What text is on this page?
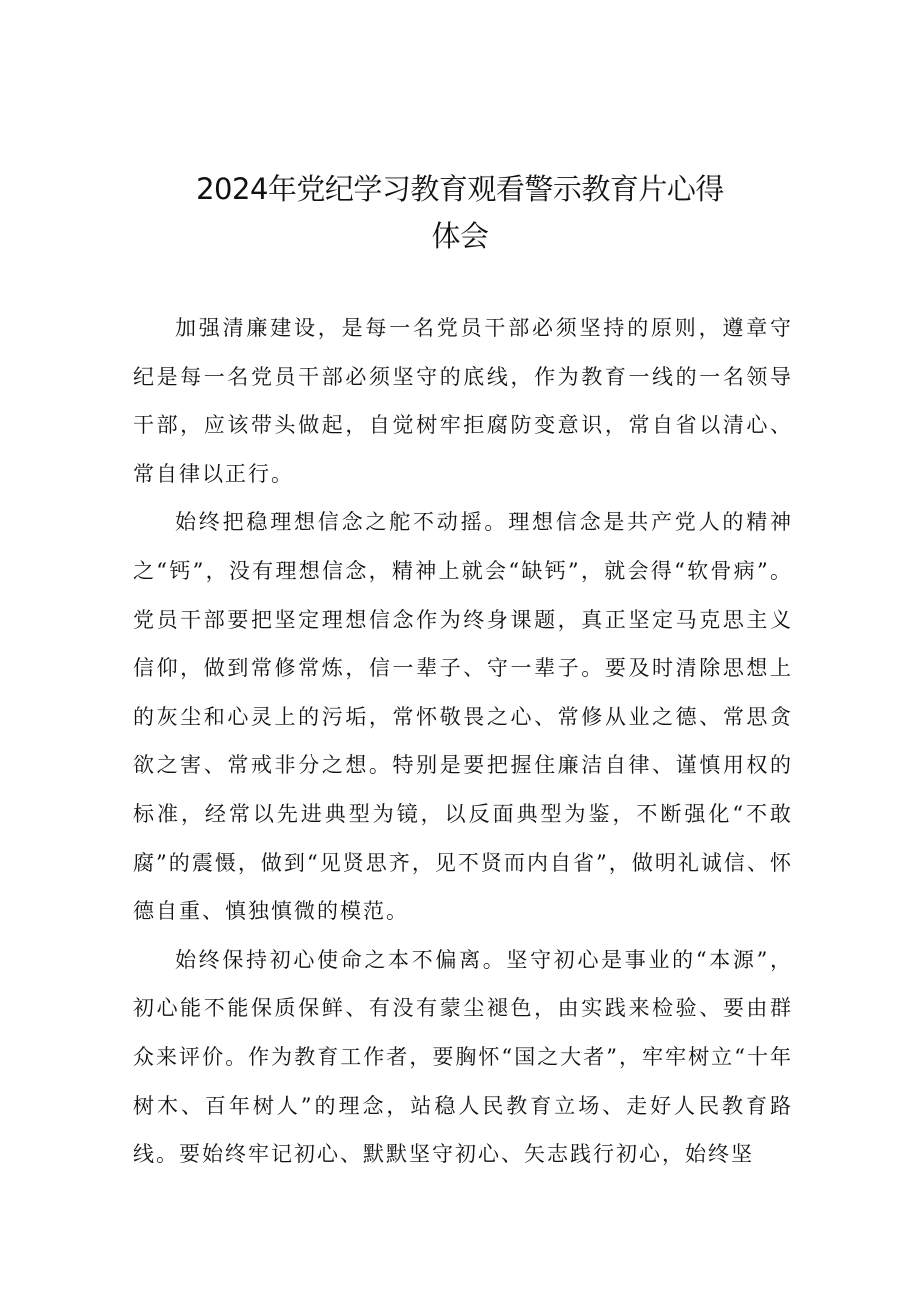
2024年党纪学习教育观看警示教育片心得
体会

加强清廉建设，是每一名党员干部必须坚持的原则，遵章守纪是每一名党员干部必须坚守的底线，作为教育一线的一名领导干部，应该带头做起，自觉树牢拒腐防变意识，常自省以清心、常自律以正行。

始终把稳理想信念之舵不动摇。理想信念是共产党人的精神之“钙”，没有理想信念，精神上就会“缺钙”，就会得“软骨病”。党员干部要把坚定理想信念作为终身课题，真正坚定马克思主义信仰，做到常修常炼，信一辈子、守一辈子。要及时清除思想上的灰尘和心灵上的污垢，常怀敬畏之心、常修从业之德、常思贪欲之害、常戒非分之想。特别是要把握住廉洁自律、谨慎用权的标准，经常以先进典型为镜，以反面典型为鉴，不断强化“不敢腐”的震慑，做到“见贤思齐，见不贤而内自省”，做明礼诚信、怀德自重、慎独慎微的模范。

始终保持初心使命之本不偏离。坚守初心是事业的“本源”，初心能不能保质保鲜、有没有蒙尘褪色，由实践来检验、要由群众来评价。作为教育工作者，要胸怀“国之大者”，牢牢树立“十年树木、百年树人”的理念，站稳人民教育立场、走好人民教育路线。要始终牢记初心、默默坚守初心、矢志践行初心，始终坚
